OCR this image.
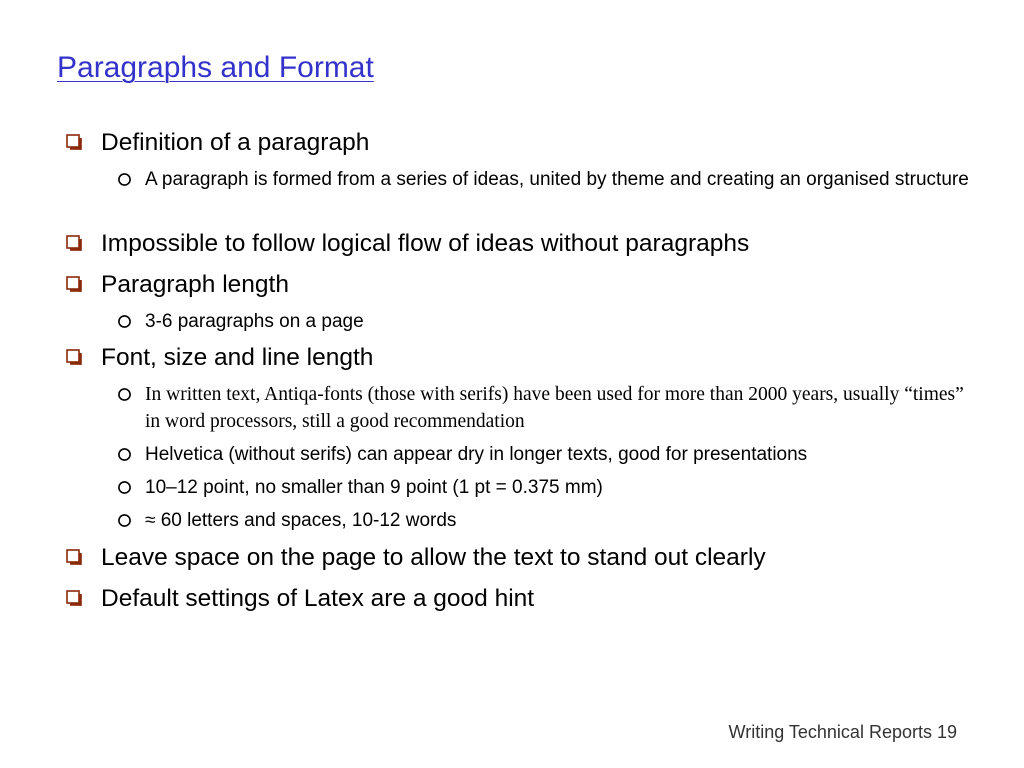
Paragraphs and Format
Definition of a paragraph
A paragraph is formed from a series of ideas, united by theme and creating an organised structure
Impossible to follow logical flow of ideas without paragraphs
Paragraph length
3-6 paragraphs on a page
Font, size and line length
In written text, Antiqa-fonts (those with serifs) have been used for more than 2000 years, usually “times” in word processors, still a good recommendation
Helvetica (without serifs) can appear dry in longer texts, good for presentations
10–12 point, no smaller than 9 point (1 pt = 0.375 mm)
≈ 60 letters and spaces, 10-12 words
Leave space on the page to allow the text to stand out clearly
Default settings of Latex are a good hint
Writing Technical Reports 19
